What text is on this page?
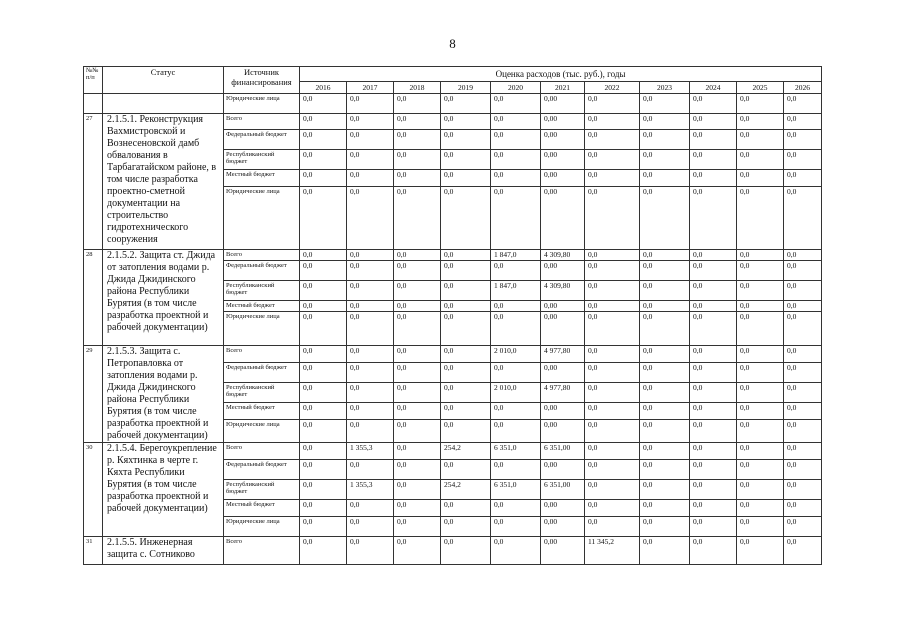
8
№№ п/п	Статус	Источник финансирования	Оценка расходов (тыс. руб.), годы										
			2016	2017	2018	2019	2020	2021	2022	2023	2024	2025	2026
		Юридические лица	0,0	0,0	0,0	0,0	0,0	0,00	0,0	0,0	0,0	0,0	0,0
27	2.1.5.1. Реконструкция Вахмистровской и Вознесеновской дамб обвалования в Тарбагатайском районе, в том числе разработка проектно-сметной документации на строительство гидротехнического сооружения	Всего	0,0	0,0	0,0	0,0	0,0	0,00	0,0	0,0	0,0	0,0	0,0
		Федеральный бюджет	0,0	0,0	0,0	0,0	0,0	0,00	0,0	0,0	0,0	0,0	0,0
		Республиканский бюджет	0,0	0,0	0,0	0,0	0,0	0,00	0,0	0,0	0,0	0,0	0,0
		Местный бюджет	0,0	0,0	0,0	0,0	0,0	0,00	0,0	0,0	0,0	0,0	0,0
		Юридические лица	0,0	0,0	0,0	0,0	0,0	0,00	0,0	0,0	0,0	0,0	0,0
28	2.1.5.2. Защита ст. Джида от затопления водами р. Джида Джидинского района Республики Бурятия (в том числе разработка проектной и рабочей документации)	Всего	0,0	0,0	0,0	0,0	1 847,0	4 309,80	0,0	0,0	0,0	0,0	0,0
		Федеральный бюджет	0,0	0,0	0,0	0,0	0,0	0,00	0,0	0,0	0,0	0,0	0,0
		Республиканский бюджет	0,0	0,0	0,0	0,0	1 847,0	4 309,80	0,0	0,0	0,0	0,0	0,0
		Местный бюджет	0,0	0,0	0,0	0,0	0,0	0,00	0,0	0,0	0,0	0,0	0,0
		Юридические лица	0,0	0,0	0,0	0,0	0,0	0,00	0,0	0,0	0,0	0,0	0,0
29	2.1.5.3. Защита с. Петропавловка от затопления водами р. Джида Джидинского района Республики Бурятия (в том числе разработка проектной и рабочей документации)	Всего	0,0	0,0	0,0	0,0	2 010,0	4 977,80	0,0	0,0	0,0	0,0	0,0
		Федеральный бюджет	0,0	0,0	0,0	0,0	0,0	0,00	0,0	0,0	0,0	0,0	0,0
		Республиканский бюджет	0,0	0,0	0,0	0,0	2 010,0	4 977,80	0,0	0,0	0,0	0,0	0,0
		Местный бюджет	0,0	0,0	0,0	0,0	0,0	0,00	0,0	0,0	0,0	0,0	0,0
		Юридические лица	0,0	0,0	0,0	0,0	0,0	0,00	0,0	0,0	0,0	0,0	0,0
30	2.1.5.4. Берегоукрепление р. Кяхтинка в черте г. Кяхта Республики Бурятия (в том числе разработка проектной и рабочей документации)	Всего	0,0	1 355,3	0,0	254,2	6 351,0	6 351,00	0,0	0,0	0,0	0,0	0,0
		Федеральный бюджет	0,0	0,0	0,0	0,0	0,0	0,00	0,0	0,0	0,0	0,0	0,0
		Республиканский бюджет	0,0	1 355,3	0,0	254,2	6 351,0	6 351,00	0,0	0,0	0,0	0,0	0,0
		Местный бюджет	0,0	0,0	0,0	0,0	0,0	0,00	0,0	0,0	0,0	0,0	0,0
		Юридические лица	0,0	0,0	0,0	0,0	0,0	0,00	0,0	0,0	0,0	0,0	0,0
31	2.1.5.5. Инженерная защита с. Сотниково	Всего	0,0	0,0	0,0	0,0	0,0	0,00	11 345,2	0,0	0,0	0,0	0,0
